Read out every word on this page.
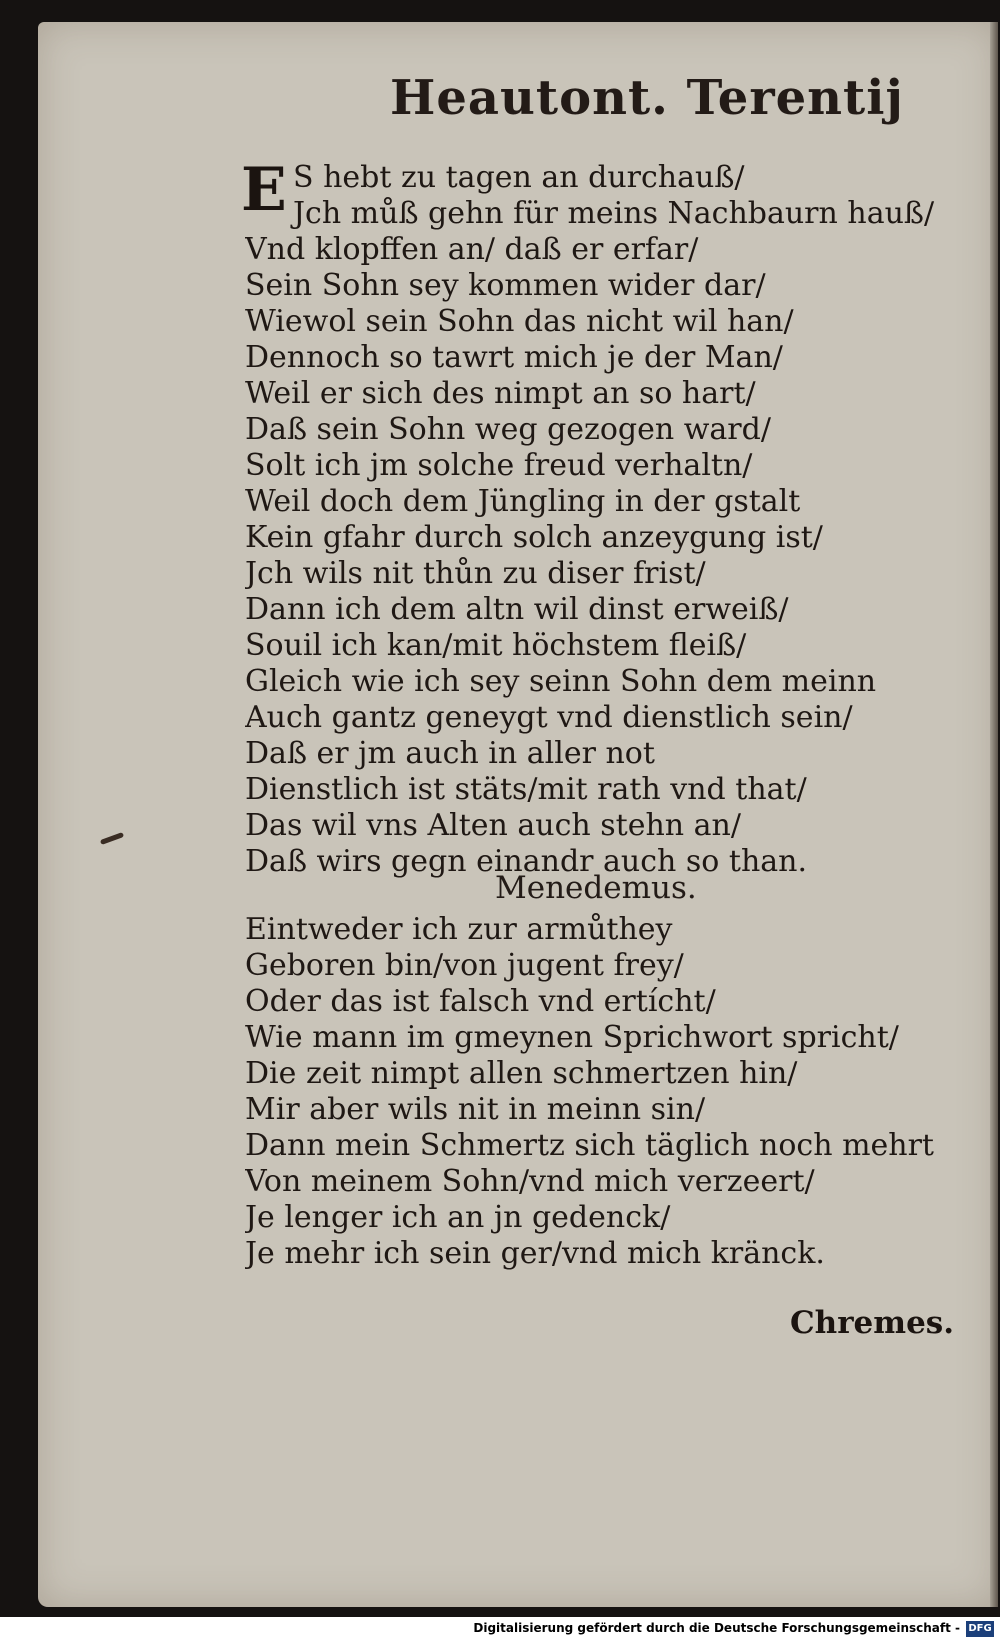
Heautont. Terentij
E S hebt zu tagen an durchauß/
Jch můß gehn für meins Nachbaurn hauß/
Vnd klopffen an/ daß er erfar/
Sein Sohn sey kommen wider dar/
Wiewol sein Sohn das nicht wil han/
Dennoch so tawrt mich je der Man/
Weil er sich des nimpt an so hart/
Daß sein Sohn weg gezogen ward/
Solt ich jm solche freud verhaltn/
Weil doch dem Jüngling in der gstalt
Kein gfahr durch solch anzeygung ist/
Jch wils nit thůn zu diser frist/
Dann ich dem altn wil dinst erweiß/
Souil ich kan/mit höchstem fleiß/
Gleich wie ich sey seinn Sohn dem meinn
Auch gantz geneygt vnd dienstlich sein/
Daß er jm auch in aller not
Dienstlich ist stäts/mit rath vnd that/
Das wil vns Alten auch stehn an/
Daß wirs gegn einandr auch so than.
Menedemus.
Eintweder ich zur armůthey
Geboren bin/von jugent frey/
Oder das ist falsch vnd ertícht/
Wie mann im gmeynen Sprichwort spricht/
Die zeit nimpt allen schmertzen hin/
Mir aber wils nit in meinn sin/
Dann mein Schmertz sich täglich noch mehrt
Von meinem Sohn/vnd mich verzeert/
Je lenger ich an jn gedenck/
Je mehr ich sein ger/vnd mich kränck.
Chremes.
Digitalisierung gefördert durch die Deutsche Forschungsgemeinschaft - DFG
